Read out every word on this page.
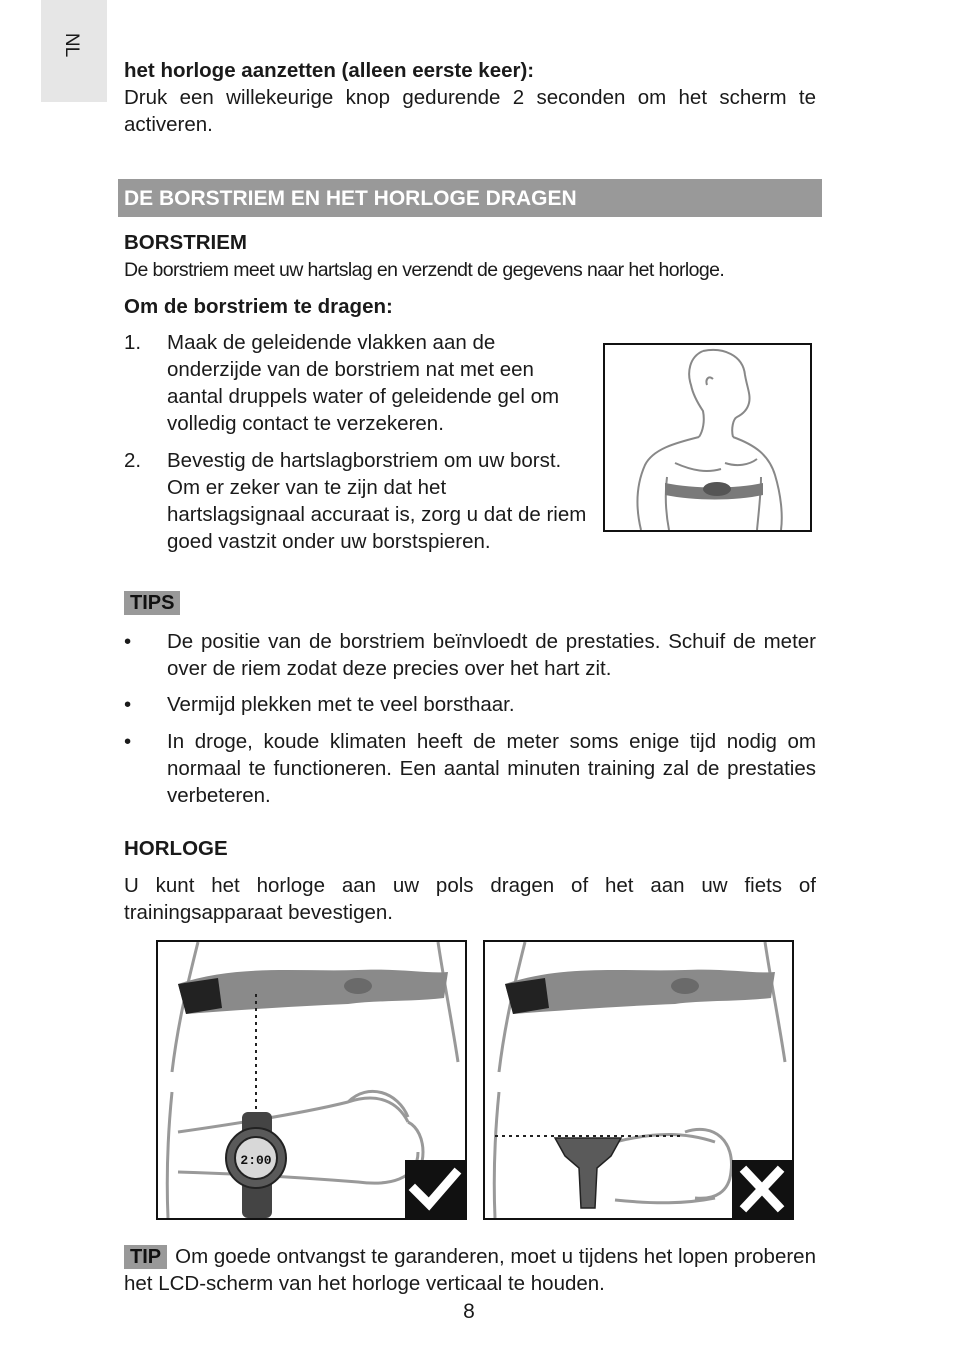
NL
het horloge aanzetten (alleen eerste keer):
Druk een willekeurige knop gedurende 2 seconden om het scherm te activeren.
DE BORSTRIEM EN HET HORLOGE DRAGEN
BORSTRIEM
De borstriem meet uw hartslag en verzendt de gegevens naar het horloge.
Om de borstriem te dragen:
1. Maak de geleidende vlakken aan de onderzijde van de borstriem nat met een aantal druppels water of geleidende gel om volledig contact te verzekeren.
2. Bevestig de hartslagborstriem om uw borst. Om er zeker van te zijn dat het hartslagsignaal accuraat is, zorg u dat de riem goed vastzit onder uw borstspieren.
TIPS
• De positie van de borstriem beïnvloedt de prestaties. Schuif de meter over de riem zodat deze precies over het hart zit.
• Vermijd plekken met te veel borsthaar.
• In droge, koude klimaten heeft de meter soms enige tijd nodig om normaal te functioneren. Een aantal minuten training zal de prestaties verbeteren.
HORLOGE
U kunt het horloge aan uw pols dragen of het aan uw fiets of trainingsapparaat bevestigen.
2:00
TIP Om goede ontvangst te garanderen, moet u tijdens het lopen proberen het LCD-scherm van het horloge verticaal te houden.
8
